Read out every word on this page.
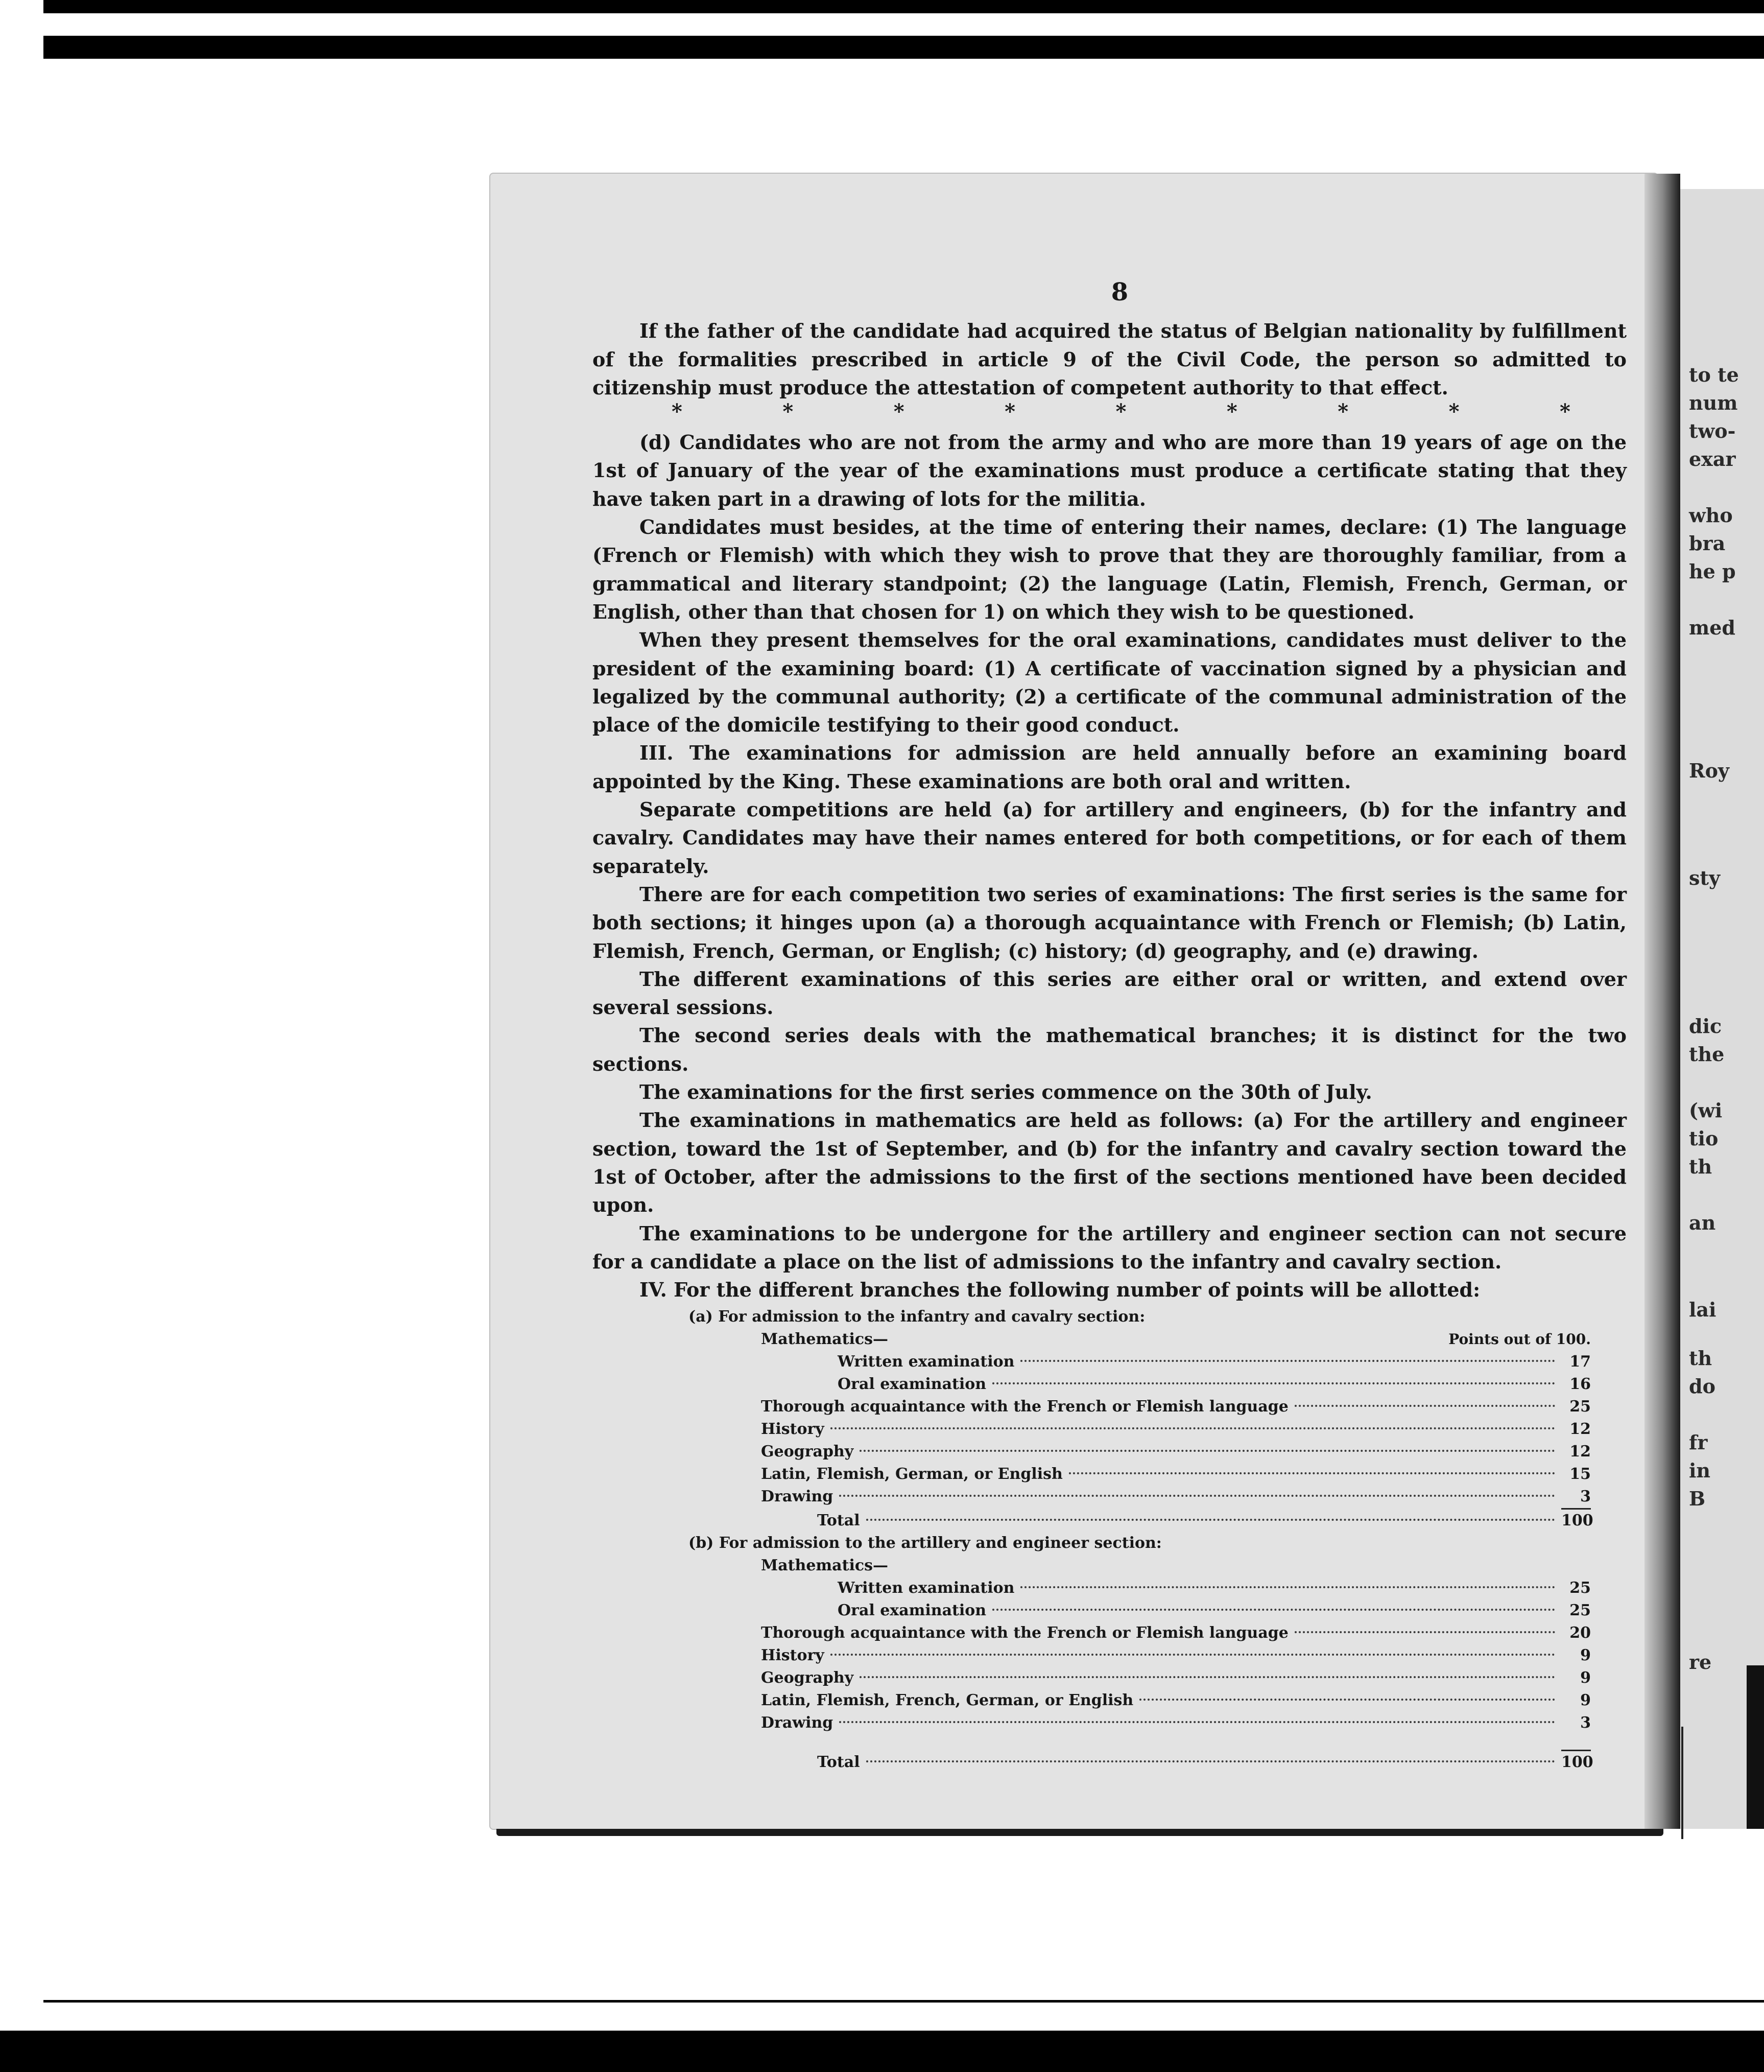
to te
num
two-
exar
who
bra
he p
med
Roy
sty
dic
the
(wi
tio
th
an
lai
th
do
fr
in
B
re
8

If the father of the candidate had acquired the status of Belgian nationality by fulfillment of the formalities prescribed in article 9 of the Civil Code, the person so admitted to citizenship must produce the attestation of competent authority to that effect.

*	*	*	*	*	*	*	*	*

(d) Candidates who are not from the army and who are more than 19 years of age on the 1st of January of the year of the examinations must produce a certificate stating that they have taken part in a drawing of lots for the militia.

Candidates must besides, at the time of entering their names, declare: (1) The language (French or Flemish) with which they wish to prove that they are thoroughly familiar, from a grammatical and literary standpoint; (2) the language (Latin, Flemish, French, German, or English, other than that chosen for 1) on which they wish to be questioned.

When they present themselves for the oral examinations, candidates must deliver to the president of the examining board: (1) A certificate of vaccination signed by a physician and legalized by the communal authority; (2) a certificate of the communal administration of the place of the domicile testifying to their good conduct.

III. The examinations for admission are held annually before an examining board appointed by the King. These examinations are both oral and written.

Separate competitions are held (a) for artillery and engineers, (b) for the infantry and cavalry. Candidates may have their names entered for both competitions, or for each of them separately.

There are for each competition two series of examinations: The first series is the same for both sections; it hinges upon (a) a thorough acquaintance with French or Flemish; (b) Latin, Flemish, French, German, or English; (c) history; (d) geography, and (e) drawing.

The different examinations of this series are either oral or written, and extend over several sessions.

The second series deals with the mathematical branches; it is distinct for the two sections.

The examinations for the first series commence on the 30th of July.

The examinations in mathematics are held as follows: (a) For the artillery and engineer section, toward the 1st of September, and (b) for the infantry and cavalry section toward the 1st of October, after the admissions to the first of the sections mentioned have been decided upon.

The examinations to be undergone for the artillery and engineer section can not secure for a candidate a place on the list of admissions to the infantry and cavalry section.

IV. For the different branches the following number of points will be allotted:

(a) For admission to the infantry and cavalry section:
Mathematics—	Points out of 100.
Written examination	17
Oral examination	16
Thorough acquaintance with the French or Flemish language	25
History	12
Geography	12
Latin, Flemish, German, or English	15
Drawing	3
Total	100
(b) For admission to the artillery and engineer section:
Mathematics—
Written examination	25
Oral examination	25
Thorough acquaintance with the French or Flemish language	20
History	9
Geography	9
Latin, Flemish, French, German, or English	9
Drawing	3
Total	100
